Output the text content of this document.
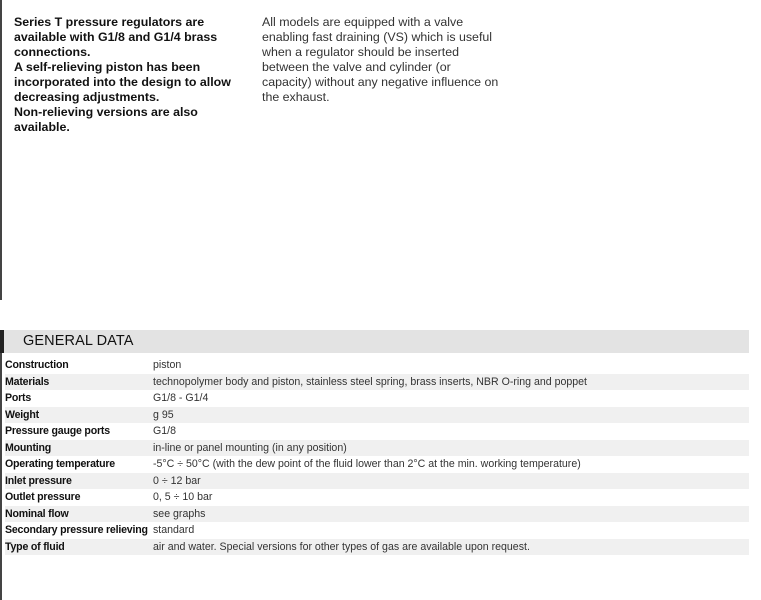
Series T pressure regulators are available with G1/8 and G1/4 brass connections.

A self-relieving piston has been incorporated into the design to allow decreasing adjustments.

Non-relieving versions are also available.

All models are equipped with a valve enabling fast draining (VS) which is useful when a regulator should be inserted between the valve and cylinder (or capacity) without any negative influence on the exhaust.

GENERAL DATA
Construction	piston
Materials	technopolymer body and piston, stainless steel spring, brass inserts, NBR O-ring and poppet
Ports	G1/8 - G1/4
Weight	g 95
Pressure gauge ports	G1/8
Mounting	in-line or panel mounting (in any position)
Operating temperature	-5°C ÷ 50°C (with the dew point of the fluid lower than 2°C at the min. working temperature)
Inlet pressure	0 ÷ 12 bar
Outlet pressure	0, 5 ÷ 10 bar
Nominal flow	see graphs
Secondary pressure relieving	standard
Type of fluid	air and water. Special versions for other types of gas are available upon request.
